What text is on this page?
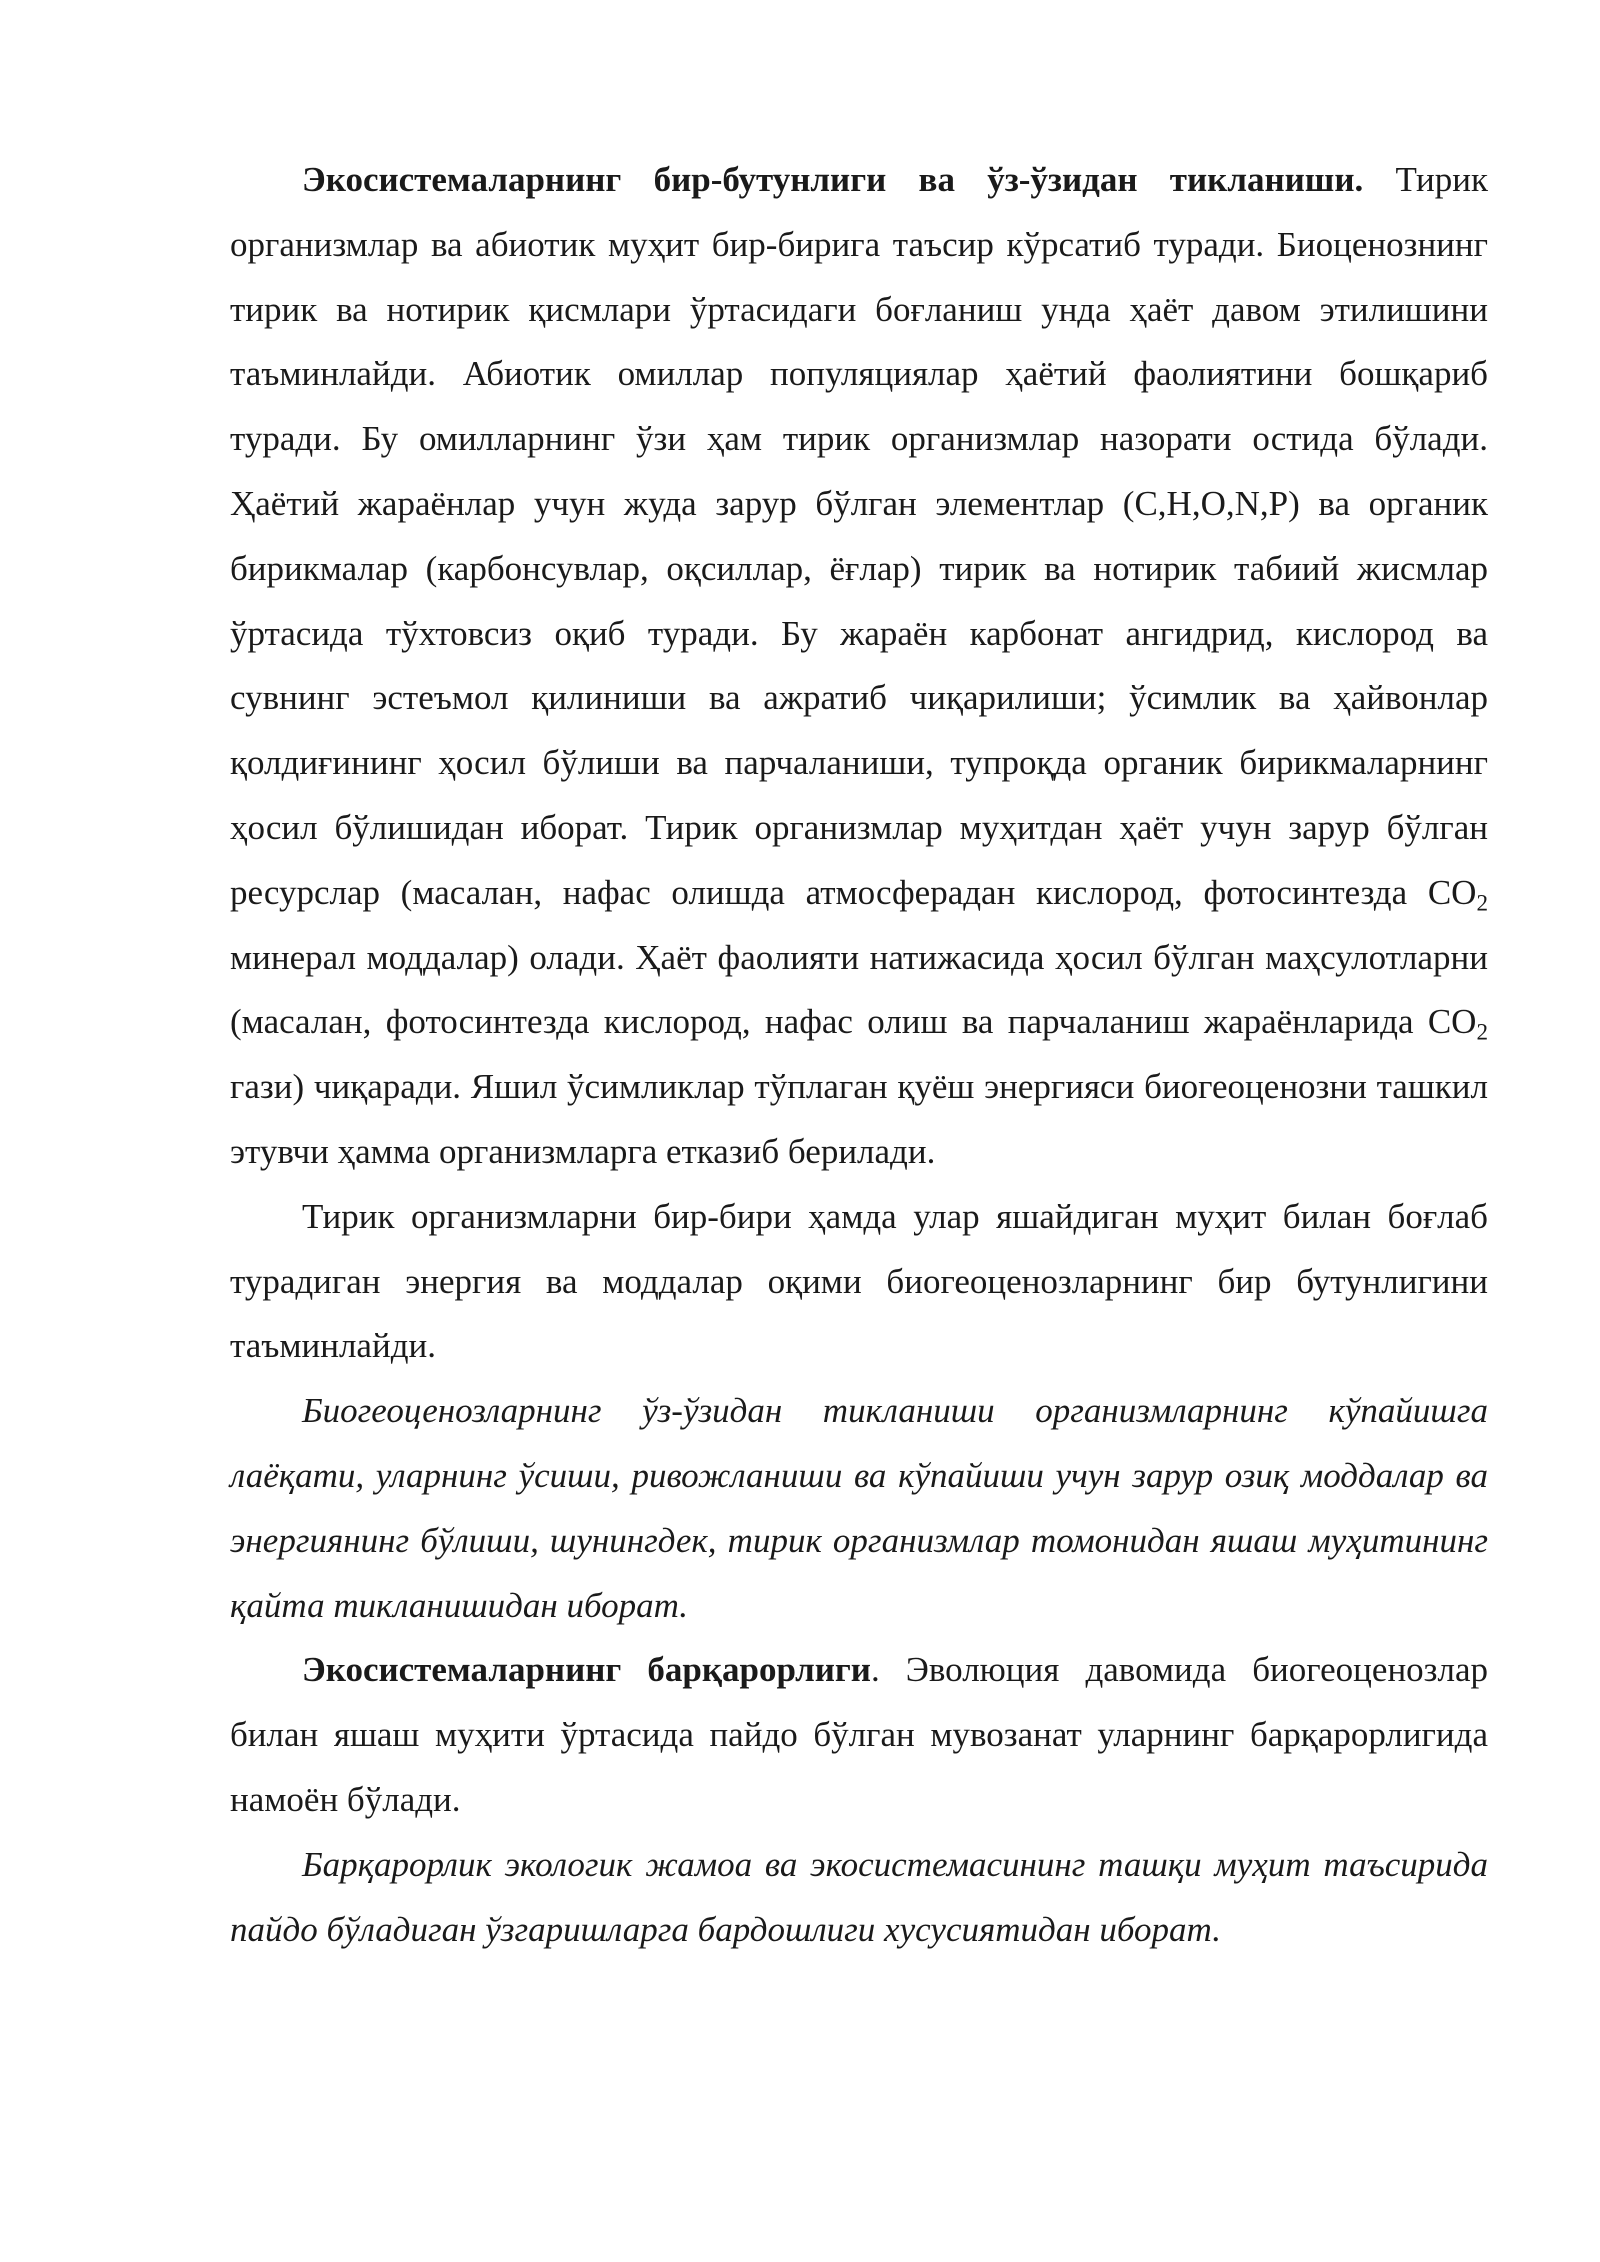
Экосистемаларнинг бир-бутунлиги ва ўз-ўзидан тикланиши. Тирик организмлар ва абиотик муҳит бир-бирига таъсир кўрсатиб туради. Биоценознинг тирик ва нотирик қисмлари ўртасидаги боғланиш унда ҳаёт давом этилишини таъминлайди. Абиотик омиллар популяциялар ҳаётий фаолиятини бошқариб туради. Бу омилларнинг ўзи ҳам тирик организмлар назорати остида бўлади. Ҳаётий жараёнлар учун жуда зарур бўлган элементлар (С,H,O,N,P) ва органик бирикмалар (карбонсувлар, оқсиллар, ёғлар) тирик ва нотирик табиий жисмлар ўртасида тўхтовсиз оқиб туради. Бу жараён карбонат ангидрид, кислород ва сувнинг эстеъмол қилиниши ва ажратиб чиқарилиши; ўсимлик ва ҳайвонлар қолдиғининг ҳосил бўлиши ва парчаланиши, тупроқда органик бирикмаларнинг ҳосил бўлишидан иборат. Тирик организмлар муҳитдан ҳаёт учун зарур бўлган ресурслар (масалан, нафас олишда атмосферадан кислород, фотосинтезда $CO_2$ минерал моддалар) олади. Ҳаёт фаолияти натижасида ҳосил бўлган маҳсулотларни (масалан, фотосинтезда кислород, нафас олиш ва парчаланиш жараёнларида $CO_2$ гази) чиқаради. Яшил ўсимликлар тўплаган қуёш энергияси биогеоценозни ташкил этувчи ҳамма организмларга етказиб берилади.

Тирик организмларни бир-бири ҳамда улар яшайдиган муҳит билан боғлаб турадиган энергия ва моддалар оқими биогеоценозларнинг бир бутунлигини таъминлайди.

Биогеоценозларнинг ўз-ўзидан тикланиши организмларнинг кўпайишга лаёқати, уларнинг ўсиши, ривожланиши ва кўпайиши учун зарур озиқ моддалар ва энергиянинг бўлиши, шунингдек, тирик организмлар томонидан яшаш муҳитининг қайта тикланишидан иборат.

Экосистемаларнинг барқарорлиги. Эволюция давомида биогеоценозлар билан яшаш муҳити ўртасида пайдо бўлган мувозанат уларнинг барқарорлигида намоён бўлади.

Барқарорлик экологик жамоа ва экосистемасининг ташқи муҳит таъсирида пайдо бўладиган ўзгаришларга бардошлиги хусусиятидан иборат.
